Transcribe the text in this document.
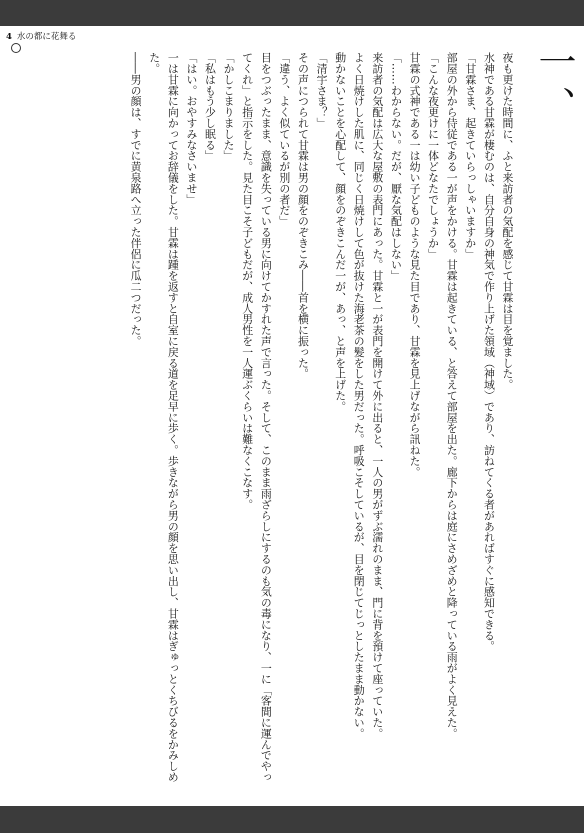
4 水の都に花舞る
一、

夜も更けた時間に、ふと来訪者の気配を感じて甘霖は目を覚ました。

水神である甘霖が棲むのは、自分自身の神気で作り上げた領域（神域）であり、訪ねてくる者があればすぐに感知できる。

「甘霖さま、起きていらっしゃいますか」

部屋の外から侍従である一が声をかける。甘霖は起きている、と答えて部屋を出た。廊下からは庭にさめざめと降っている雨がよく見えた。

「こんな夜更けに一体どなたでしょうか」

甘霖の式神である一は幼い子どものような見た目であり、甘霖を見上げながら訊ねた。

「……わからない。だが、厭な気配はしない」

来訪者の気配は広大な屋敷の表門にあった。甘霖と一が表門を開けて外に出ると、一人の男がずぶ濡れのまま、門に背を預けて座っていた。

よく日焼けした肌に、同じく日焼けして色が抜けた海老茶の髪をした男だった。呼吸こそしているが、目を閉じてじっとしたまま動かない。

動かないことを心配して、顔をのぞきこんだ一が、あっ、と声を上げた。

「清宇さま？」

その声につられて甘霖は男の顔をのぞきこみ――首を横に振った。

「違う、よく似ているが別の者だ」

目をつぶったまま、意識を失っている男に向けてかすれた声で言った。そして、このまま雨ざらしにするのも気の毒になり、一に「客間に運んでやってくれ」と指示をした。見た目こそ子どもだが、成人男性を一人運ぶくらいは難なくこなす。

「かしこまりました」

「私はもう少し眠る」

「はい。おやすみなさいませ」

一は甘霖に向かってお辞儀をした。甘霖は踵を返すと自室に戻る道を足早に歩く。歩きながら男の顔を思い出し、甘霖はぎゅっとくちびるをかみしめた。

――男の顔は、すでに黄泉路へ立った伴侶に瓜二つだった。
